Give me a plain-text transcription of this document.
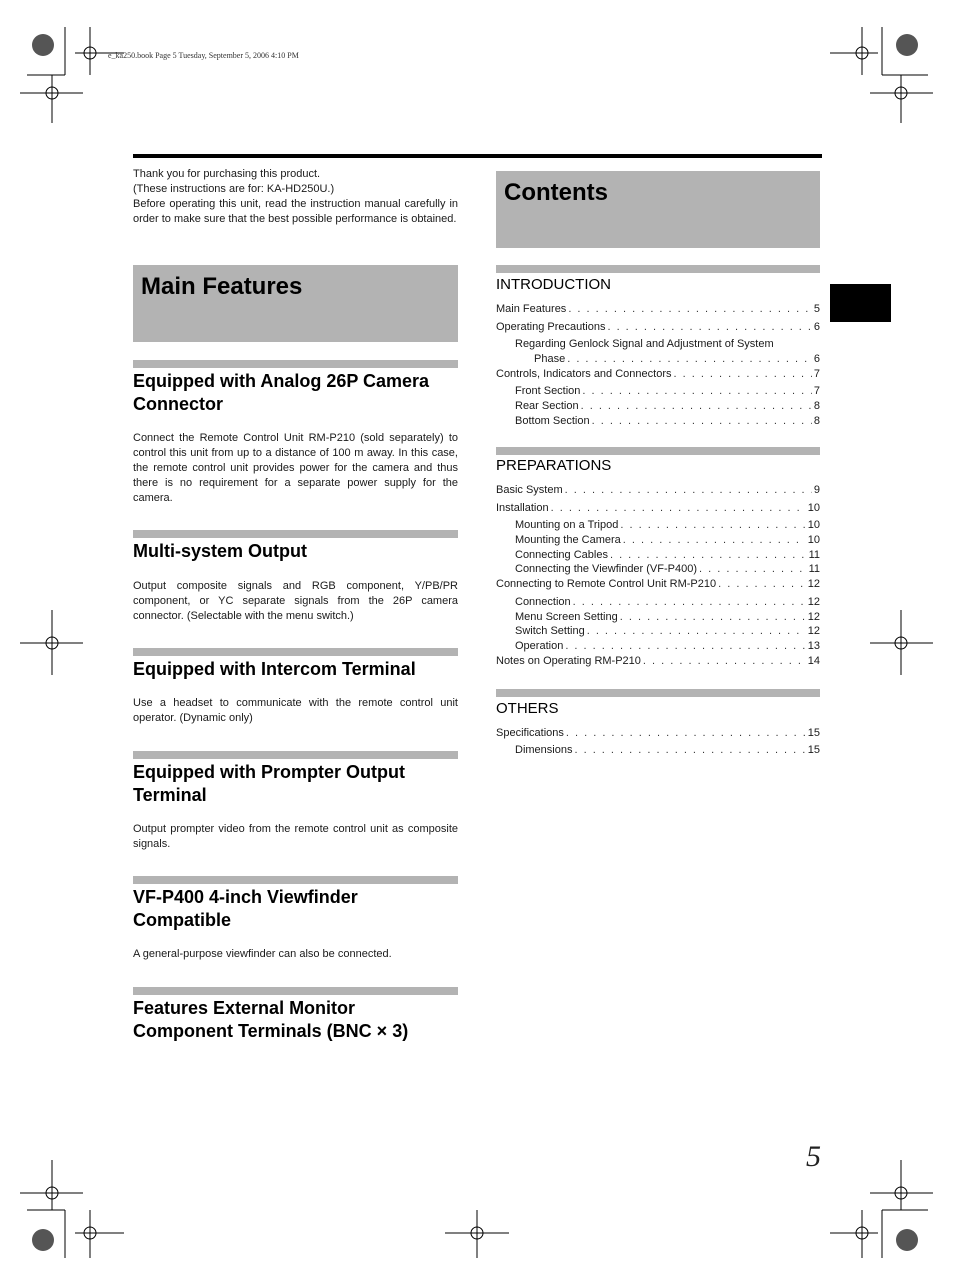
e_ka250.book Page 5 Tuesday, September 5, 2006 4:10 PM

Thank you for purchasing this product.

(These instructions are for: KA-HD250U.)

Before operating this unit, read the instruction manual carefully in order to make sure that the best possible performance is obtained.

Main Features
Equipped with Analog 26P Camera Connector

Connect the Remote Control Unit RM-P210 (sold separately) to control this unit from up to a distance of 100 m away. In this case, the remote control unit provides power for the camera and thus there is no requirement for a separate power supply for the camera.

Multi-system Output

Output composite signals and RGB component, Y/PB/PR component, or YC separate signals from the 26P camera connector. (Selectable with the menu switch.)

Equipped with Intercom Terminal

Use a headset to communicate with the remote control unit operator. (Dynamic only)

Equipped with Prompter Output Terminal

Output prompter video from the remote control unit as composite signals.

VF-P400 4-inch Viewfinder Compatible

A general-purpose viewfinder can also be connected.

Features External Monitor Component Terminals (BNC × 3)
Contents
INTRODUCTION
Main Features . . .	5
Operating Precautions . . .	6
Regarding Genlock Signal and Adjustment of System
Phase . . .	6
Controls, Indicators and Connectors . . .	7
Front Section . . .	7
Rear Section . . .	8
Bottom Section . . .	8
PREPARATIONS
Basic System . . .	9
Installation . . .	10
Mounting on a Tripod . . .	10
Mounting the Camera . . .	10
Connecting Cables . . .	11
Connecting the Viewfinder (VF-P400) . . .	11
Connecting to Remote Control Unit RM-P210 . . .	12
Connection . . .	12
Menu Screen Setting . . .	12
Switch Setting . . .	12
Operation . . .	13
Notes on Operating RM-P210 . . .	14
OTHERS
Specifications . . .	15
Dimensions . . .	15
5
